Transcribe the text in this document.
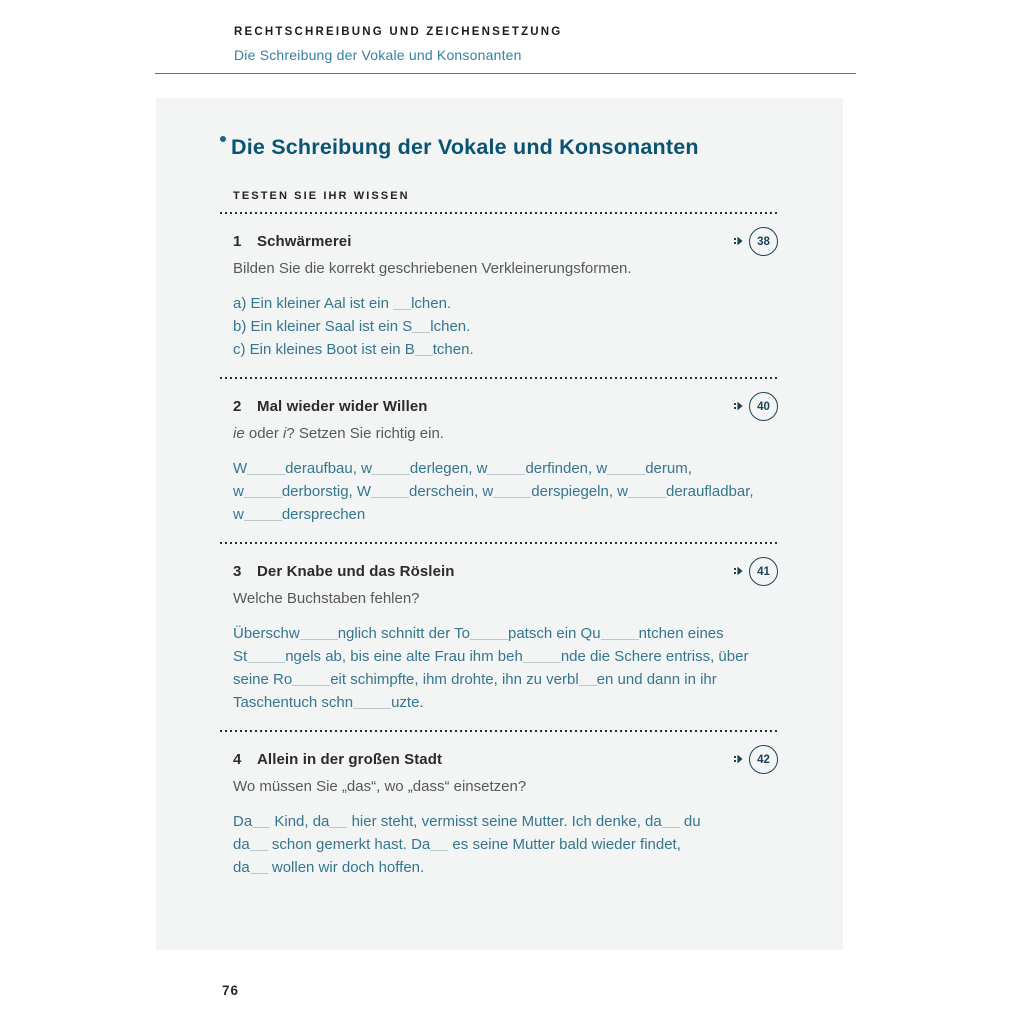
RECHTSCHREIBUNG UND ZEICHENSETZUNG
Die Schreibung der Vokale und Konsonanten
Die Schreibung der Vokale und Konsonanten
TESTEN SIE IHR WISSEN
1	Schwärmerei	38

Bilden Sie die korrekt geschriebenen Verkleinerungsformen.

a) Ein kleiner Aal ist ein lchen.
b) Ein kleiner Saal ist ein S lchen.
c) Ein kleines Boot ist ein B tchen.

2	Mal wieder wider Willen	40

ie oder i? Setzen Sie richtig ein.

W	deraufbau, w	derlegen, w	derfinden, w	derum,
w	derborstig, W	derschein, w	derspiegeln, w	deraufladbar,
w	dersprechen

3	Der Knabe und das Röslein	41

Welche Buchstaben fehlen?

Überschw	nglich schnitt der To	patsch ein Qu	ntchen eines
St	ngels ab, bis eine alte Frau ihm beh	nde die Schere entriss, über
seine Ro	eit schimpfte, ihm drohte, ihn zu verbl en und dann in ihr
Taschentuch schn	uzte.

4	Allein in der großen Stadt	42

Wo müssen Sie „das“, wo „dass“ einsetzen?

Da Kind, da hier steht, vermisst seine Mutter. Ich denke, da du
da schon gemerkt hast. Da es seine Mutter bald wieder findet,
da wollen wir doch hoffen.

76
